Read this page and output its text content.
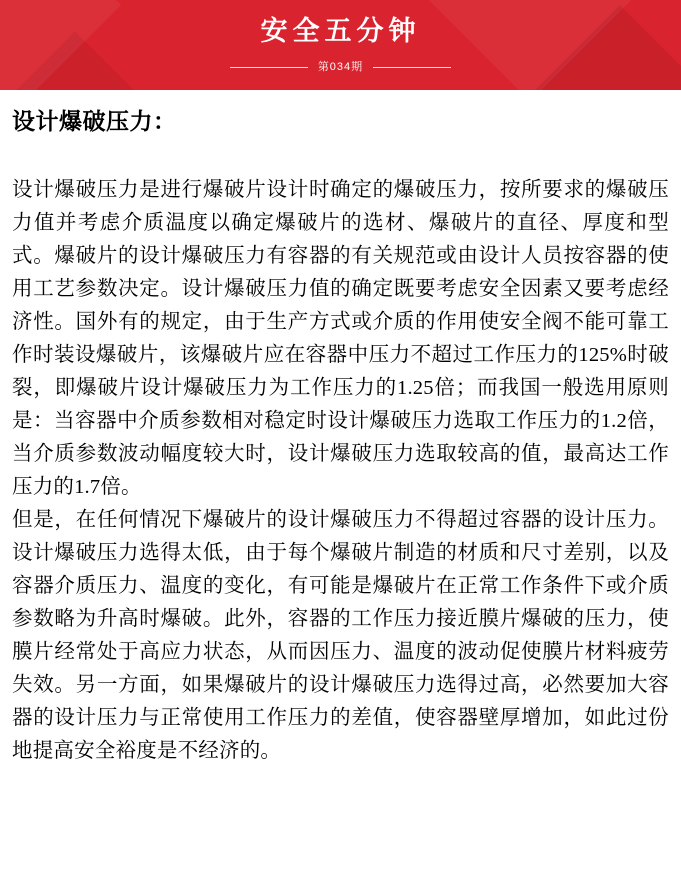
安全五分钟
第034期
设计爆破压力：

设计爆破压力是进行爆破片设计时确定的爆破压力，按所要求的爆破压力值并考虑介质温度以确定爆破片的选材、爆破片的直径、厚度和型式。爆破片的设计爆破压力有容器的有关规范或由设计人员按容器的使用工艺参数决定。设计爆破压力值的确定既要考虑安全因素又要考虑经济性。国外有的规定，由于生产方式或介质的作用使安全阀不能可靠工作时装设爆破片，该爆破片应在容器中压力不超过工作压力的125%时破裂，即爆破片设计爆破压力为工作压力的1.25倍；而我国一般选用原则是：当容器中介质参数相对稳定时设计爆破压力选取工作压力的1.2倍，当介质参数波动幅度较大时，设计爆破压力选取较高的值，最高达工作压力的1.7倍。

但是，在任何情况下爆破片的设计爆破压力不得超过容器的设计压力。设计爆破压力选得太低，由于每个爆破片制造的材质和尺寸差别，以及容器介质压力、温度的变化，有可能是爆破片在正常工作条件下或介质参数略为升高时爆破。此外，容器的工作压力接近膜片爆破的压力，使膜片经常处于高应力状态，从而因压力、温度的波动促使膜片材料疲劳失效。另一方面，如果爆破片的设计爆破压力选得过高，必然要加大容器的设计压力与正常使用工作压力的差值，使容器壁厚增加，如此过份地提高安全裕度是不经济的。
